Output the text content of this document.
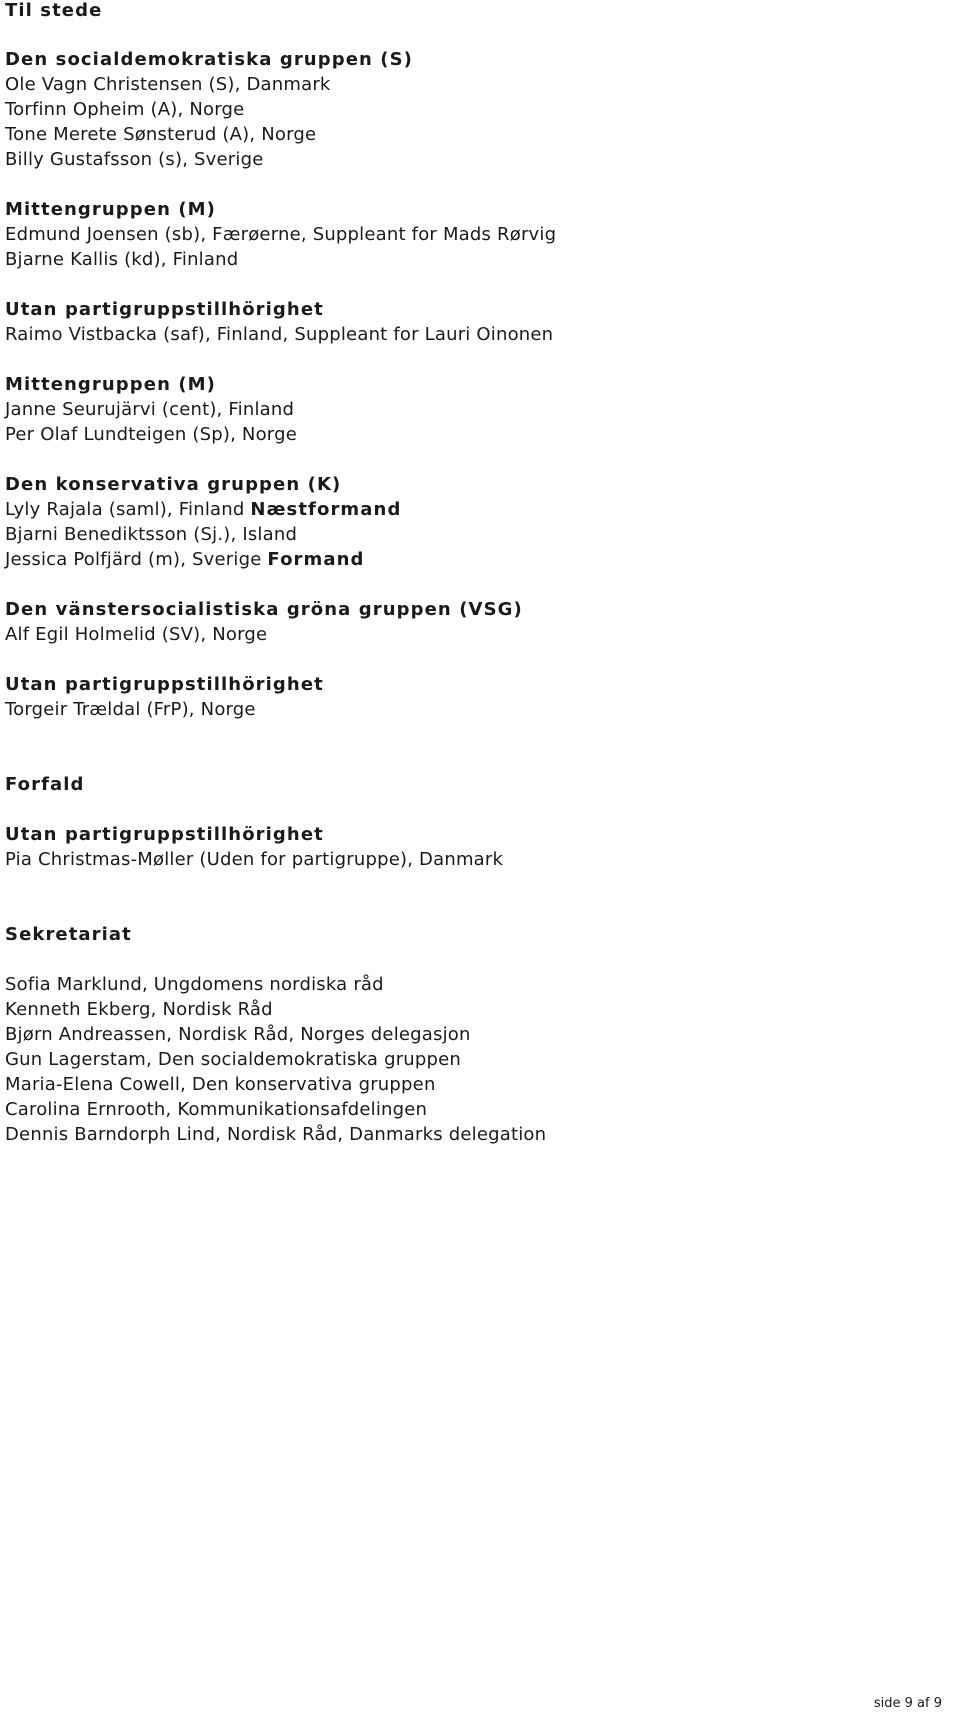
Til stede
Den socialdemokratiska gruppen (S)
Ole Vagn Christensen (S), Danmark
Torfinn Opheim (A), Norge
Tone Merete Sønsterud (A), Norge
Billy Gustafsson (s), Sverige
Mittengruppen (M)
Edmund Joensen (sb), Færøerne, Suppleant for Mads Rørvig
Bjarne Kallis (kd), Finland
Utan partigruppstillhörighet
Raimo Vistbacka (saf), Finland, Suppleant for Lauri Oinonen
Mittengruppen (M)
Janne Seurujärvi (cent), Finland
Per Olaf Lundteigen (Sp), Norge
Den konservativa gruppen (K)
Lyly Rajala (saml), Finland Næstformand
Bjarni Benediktsson (Sj.), Island
Jessica Polfjärd (m), Sverige Formand
Den vänstersocialistiska gröna gruppen (VSG)
Alf Egil Holmelid (SV), Norge
Utan partigruppstillhörighet
Torgeir Trældal (FrP), Norge
Forfald
Utan partigruppstillhörighet
Pia Christmas-Møller (Uden for partigruppe), Danmark
Sekretariat
Sofia Marklund, Ungdomens nordiska råd
Kenneth Ekberg, Nordisk Råd
Bjørn Andreassen, Nordisk Råd, Norges delegasjon
Gun Lagerstam, Den socialdemokratiska gruppen
Maria-Elena Cowell, Den konservativa gruppen
Carolina Ernrooth, Kommunikationsafdelingen
Dennis Barndorph Lind, Nordisk Råd, Danmarks delegation
side 9 af 9
